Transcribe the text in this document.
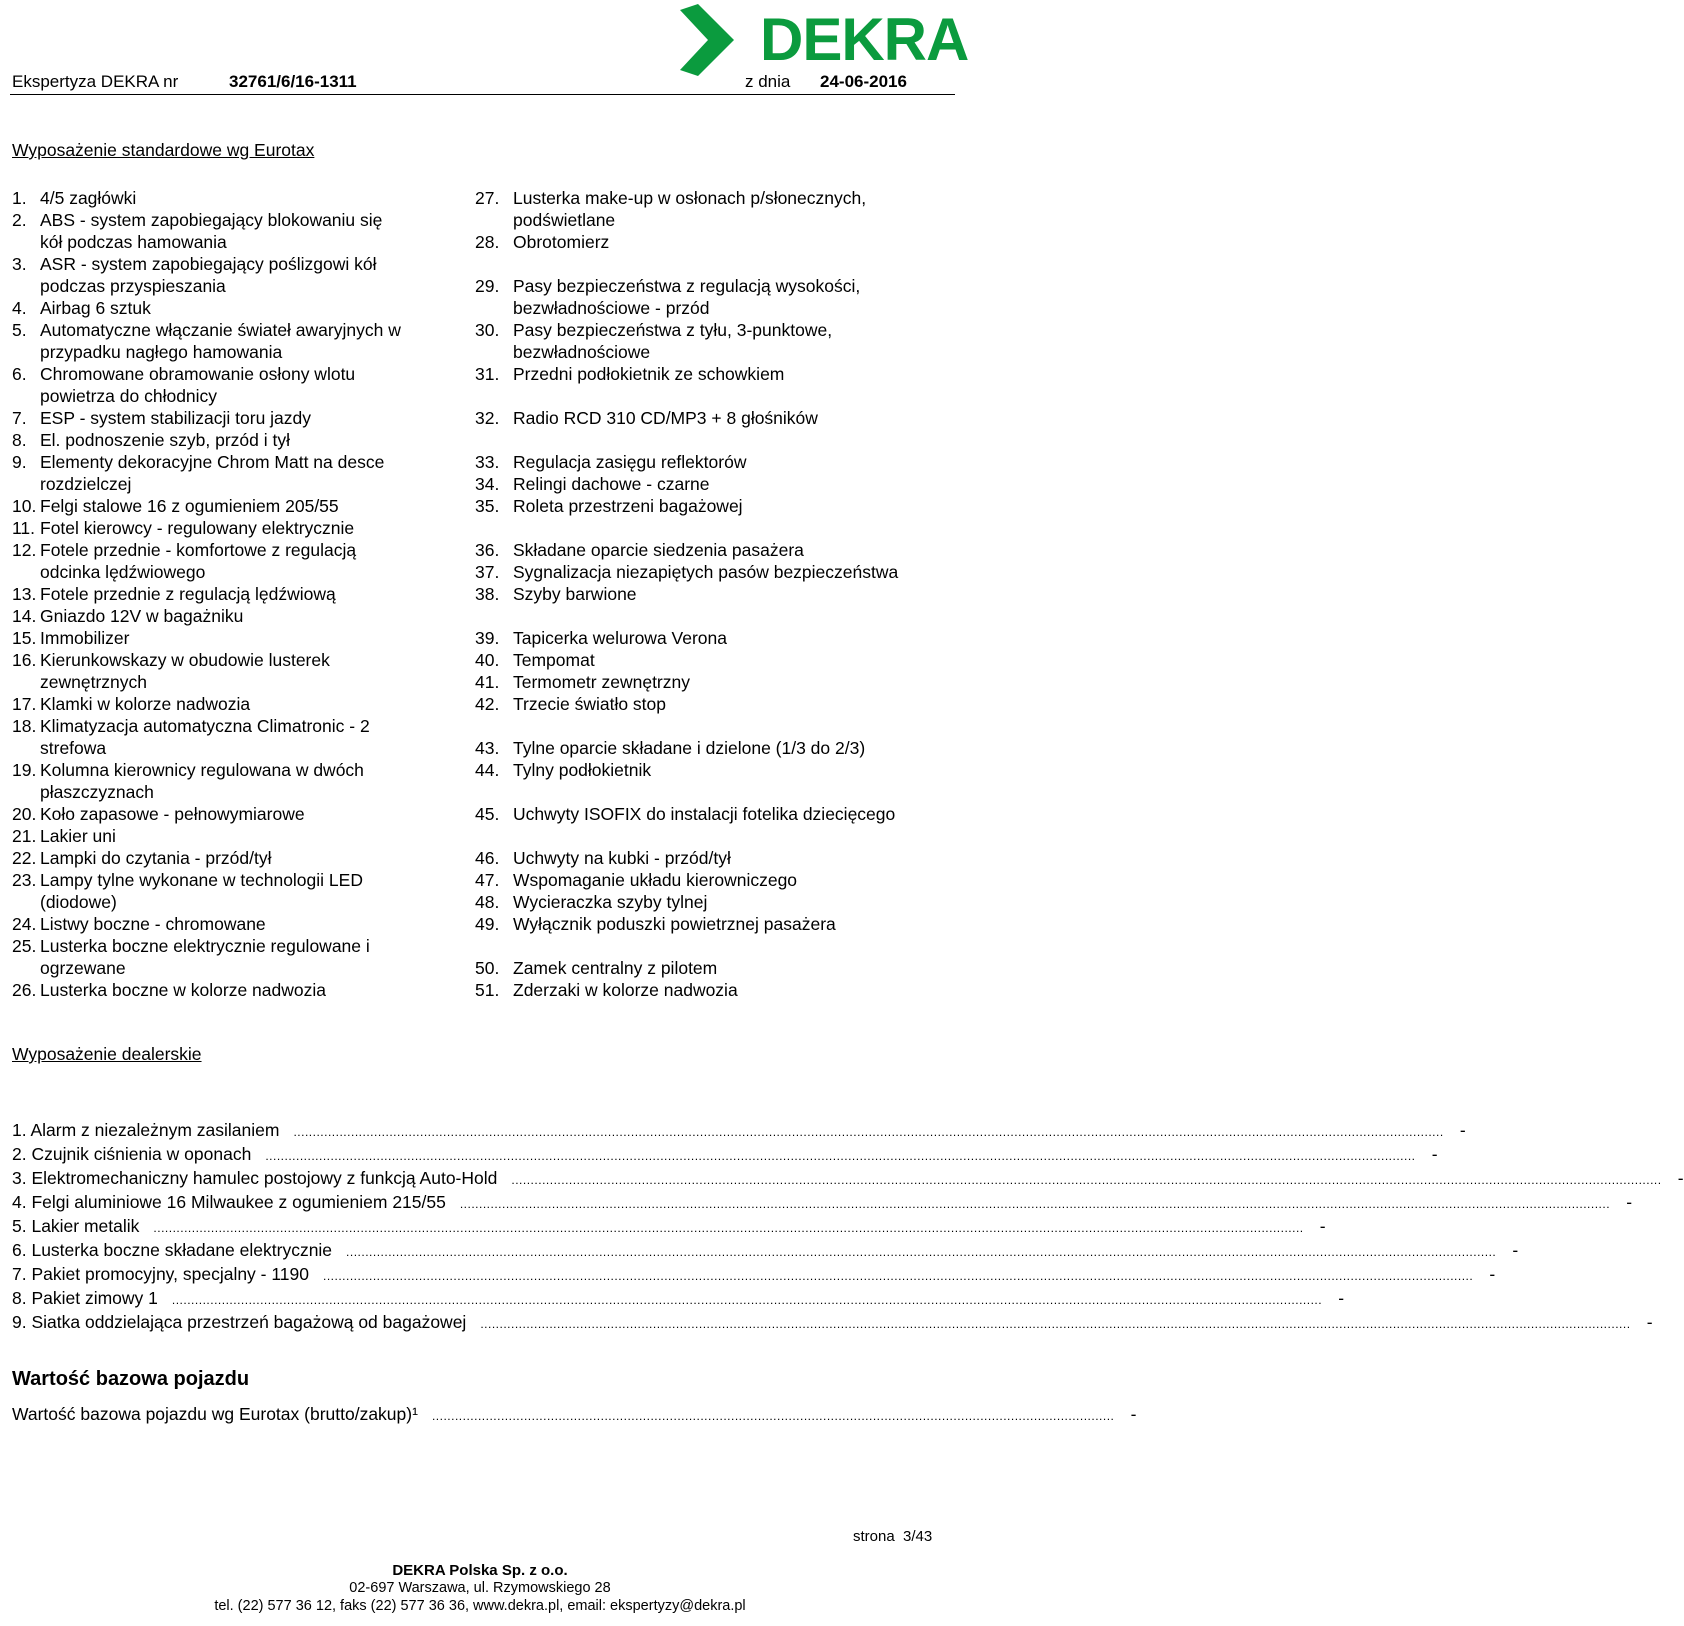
Ekspertyza DEKRA nr	32761/6/16-1311	z dnia 24-06-2016
DEKRA
Wyposażenie standardowe wg Eurotax
1. 4/5 zagłówki
2. ABS - system zapobiegający blokowaniu się
kół podczas hamowania
3. ASR - system zapobiegający poślizgowi kół
podczas przyspieszania
4. Airbag 6 sztuk
5. Automatyczne włączanie świateł awaryjnych w
przypadku nagłego hamowania
6. Chromowane obramowanie osłony wlotu
powietrza do chłodnicy
7. ESP - system stabilizacji toru jazdy
8. El. podnoszenie szyb, przód i tył
9. Elementy dekoracyjne Chrom Matt na desce
rozdzielczej
10. Felgi stalowe 16 z ogumieniem 205/55
11. Fotel kierowcy - regulowany elektrycznie
12. Fotele przednie - komfortowe z regulacją
odcinka lędźwiowego
13. Fotele przednie z regulacją lędźwiową
14. Gniazdo 12V w bagażniku
15. Immobilizer
16. Kierunkowskazy w obudowie lusterek
zewnętrznych
17. Klamki w kolorze nadwozia
18. Klimatyzacja automatyczna Climatronic - 2
strefowa
19. Kolumna kierownicy regulowana w dwóch
płaszczyznach
20. Koło zapasowe - pełnowymiarowe
21. Lakier uni
22. Lampki do czytania - przód/tył
23. Lampy tylne wykonane w technologii LED
(diodowe)
24. Listwy boczne - chromowane
25. Lusterka boczne elektrycznie regulowane i
ogrzewane
26. Lusterka boczne w kolorze nadwozia
27. Lusterka make-up w osłonach p/słonecznych,
podświetlane
28. Obrotomierz

29. Pasy bezpieczeństwa z regulacją wysokości,
bezwładnościowe - przód
30. Pasy bezpieczeństwa z tyłu, 3-punktowe,
bezwładnościowe
31. Przedni podłokietnik ze schowkiem

32. Radio RCD 310 CD/MP3 + 8 głośników

33. Regulacja zasięgu reflektorów
34. Relingi dachowe - czarne
35. Roleta przestrzeni bagażowej

36. Składane oparcie siedzenia pasażera
37. Sygnalizacja niezapiętych pasów bezpieczeństwa
38. Szyby barwione

39. Tapicerka welurowa Verona
40. Tempomat
41. Termometr zewnętrzny
42. Trzecie światło stop

43. Tylne oparcie składane i dzielone (1/3 do 2/3)
44. Tylny podłokietnik

45. Uchwyty ISOFIX do instalacji fotelika dziecięcego

46. Uchwyty na kubki - przód/tył
47. Wspomaganie układu kierowniczego
48. Wycieraczka szyby tylnej
49. Wyłącznik poduszki powietrznej pasażera

50. Zamek centralny z pilotem
51. Zderzaki w kolorze nadwozia
Wyposażenie dealerskie
1. Alarm z niezależnym zasilaniem	............................................................................................................................................................................................................................................................................................................ -
2. Czujnik ciśnienia w oponach	............................................................................................................................................................................................................................................................................................................ -
3. Elektromechaniczny hamulec postojowy z funkcją Auto-Hold	............................................................................................................................................................................................................................................................................................................ -
4. Felgi aluminiowe 16 Milwaukee z ogumieniem 215/55	............................................................................................................................................................................................................................................................................................................ -
5. Lakier metalik	............................................................................................................................................................................................................................................................................................................ -
6. Lusterka boczne składane elektrycznie	............................................................................................................................................................................................................................................................................................................ -
7. Pakiet promocyjny, specjalny - 1190	............................................................................................................................................................................................................................................................................................................ -
8. Pakiet zimowy 1	............................................................................................................................................................................................................................................................................................................ -
9. Siatka oddzielająca przestrzeń bagażową od bagażowej	............................................................................................................................................................................................................................................................................................................ -
Wartość bazowa pojazdu
Wartość bazowa pojazdu wg Eurotax (brutto/zakup)¹	.................................................................................................................................................................................. -
strona 3/43
DEKRA Polska Sp. z o.o.
02-697 Warszawa, ul. Rzymowskiego 28
tel. (22) 577 36 12, faks (22) 577 36 36, www.dekra.pl, email: ekspertyzy@dekra.pl
